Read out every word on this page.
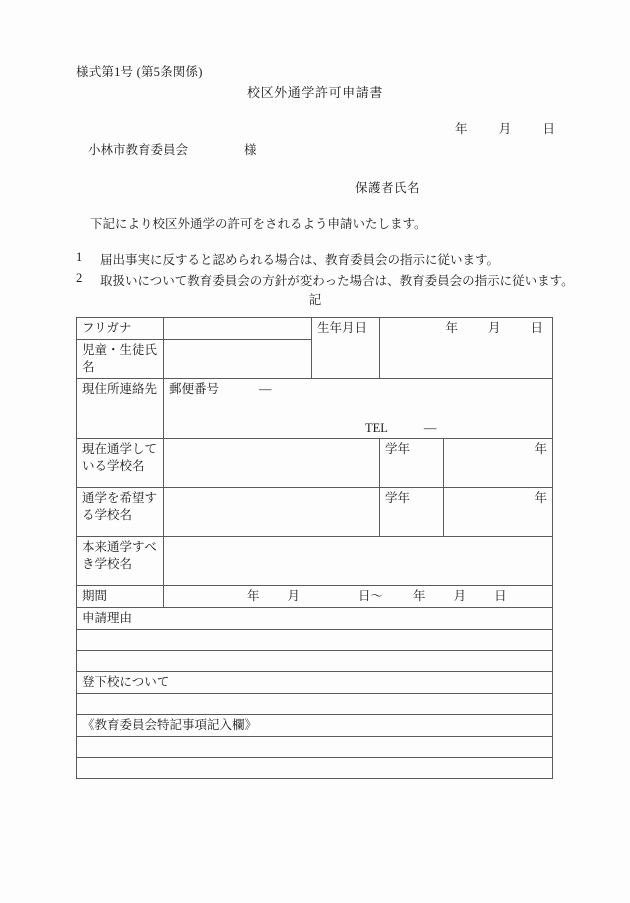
様式第1号 (第5条関係)
校区外通学許可申請書
年 月 日
小林市教育委員会	様
保護者氏名
下記により校区外通学の許可をされるよう申請いたします。
1	届出事実に反すると認められる場合は、教育委員会の指示に従います。
2	取扱いについて教育委員会の方針が変わった場合は、教育委員会の指示に従います。
記
フリガナ		生年月日	年 月 日	

児童・生徒氏名				
現住所連絡先	郵便番号 —
TEL —			

現在通学している学校名			学年	年
通学を希望する学校名			学年	年
本来通学すべき学校名				
期間	年 月 日〜 年 月 日			

申請理由				

登下校について				

《教育委員会特記事項記入欄》				
